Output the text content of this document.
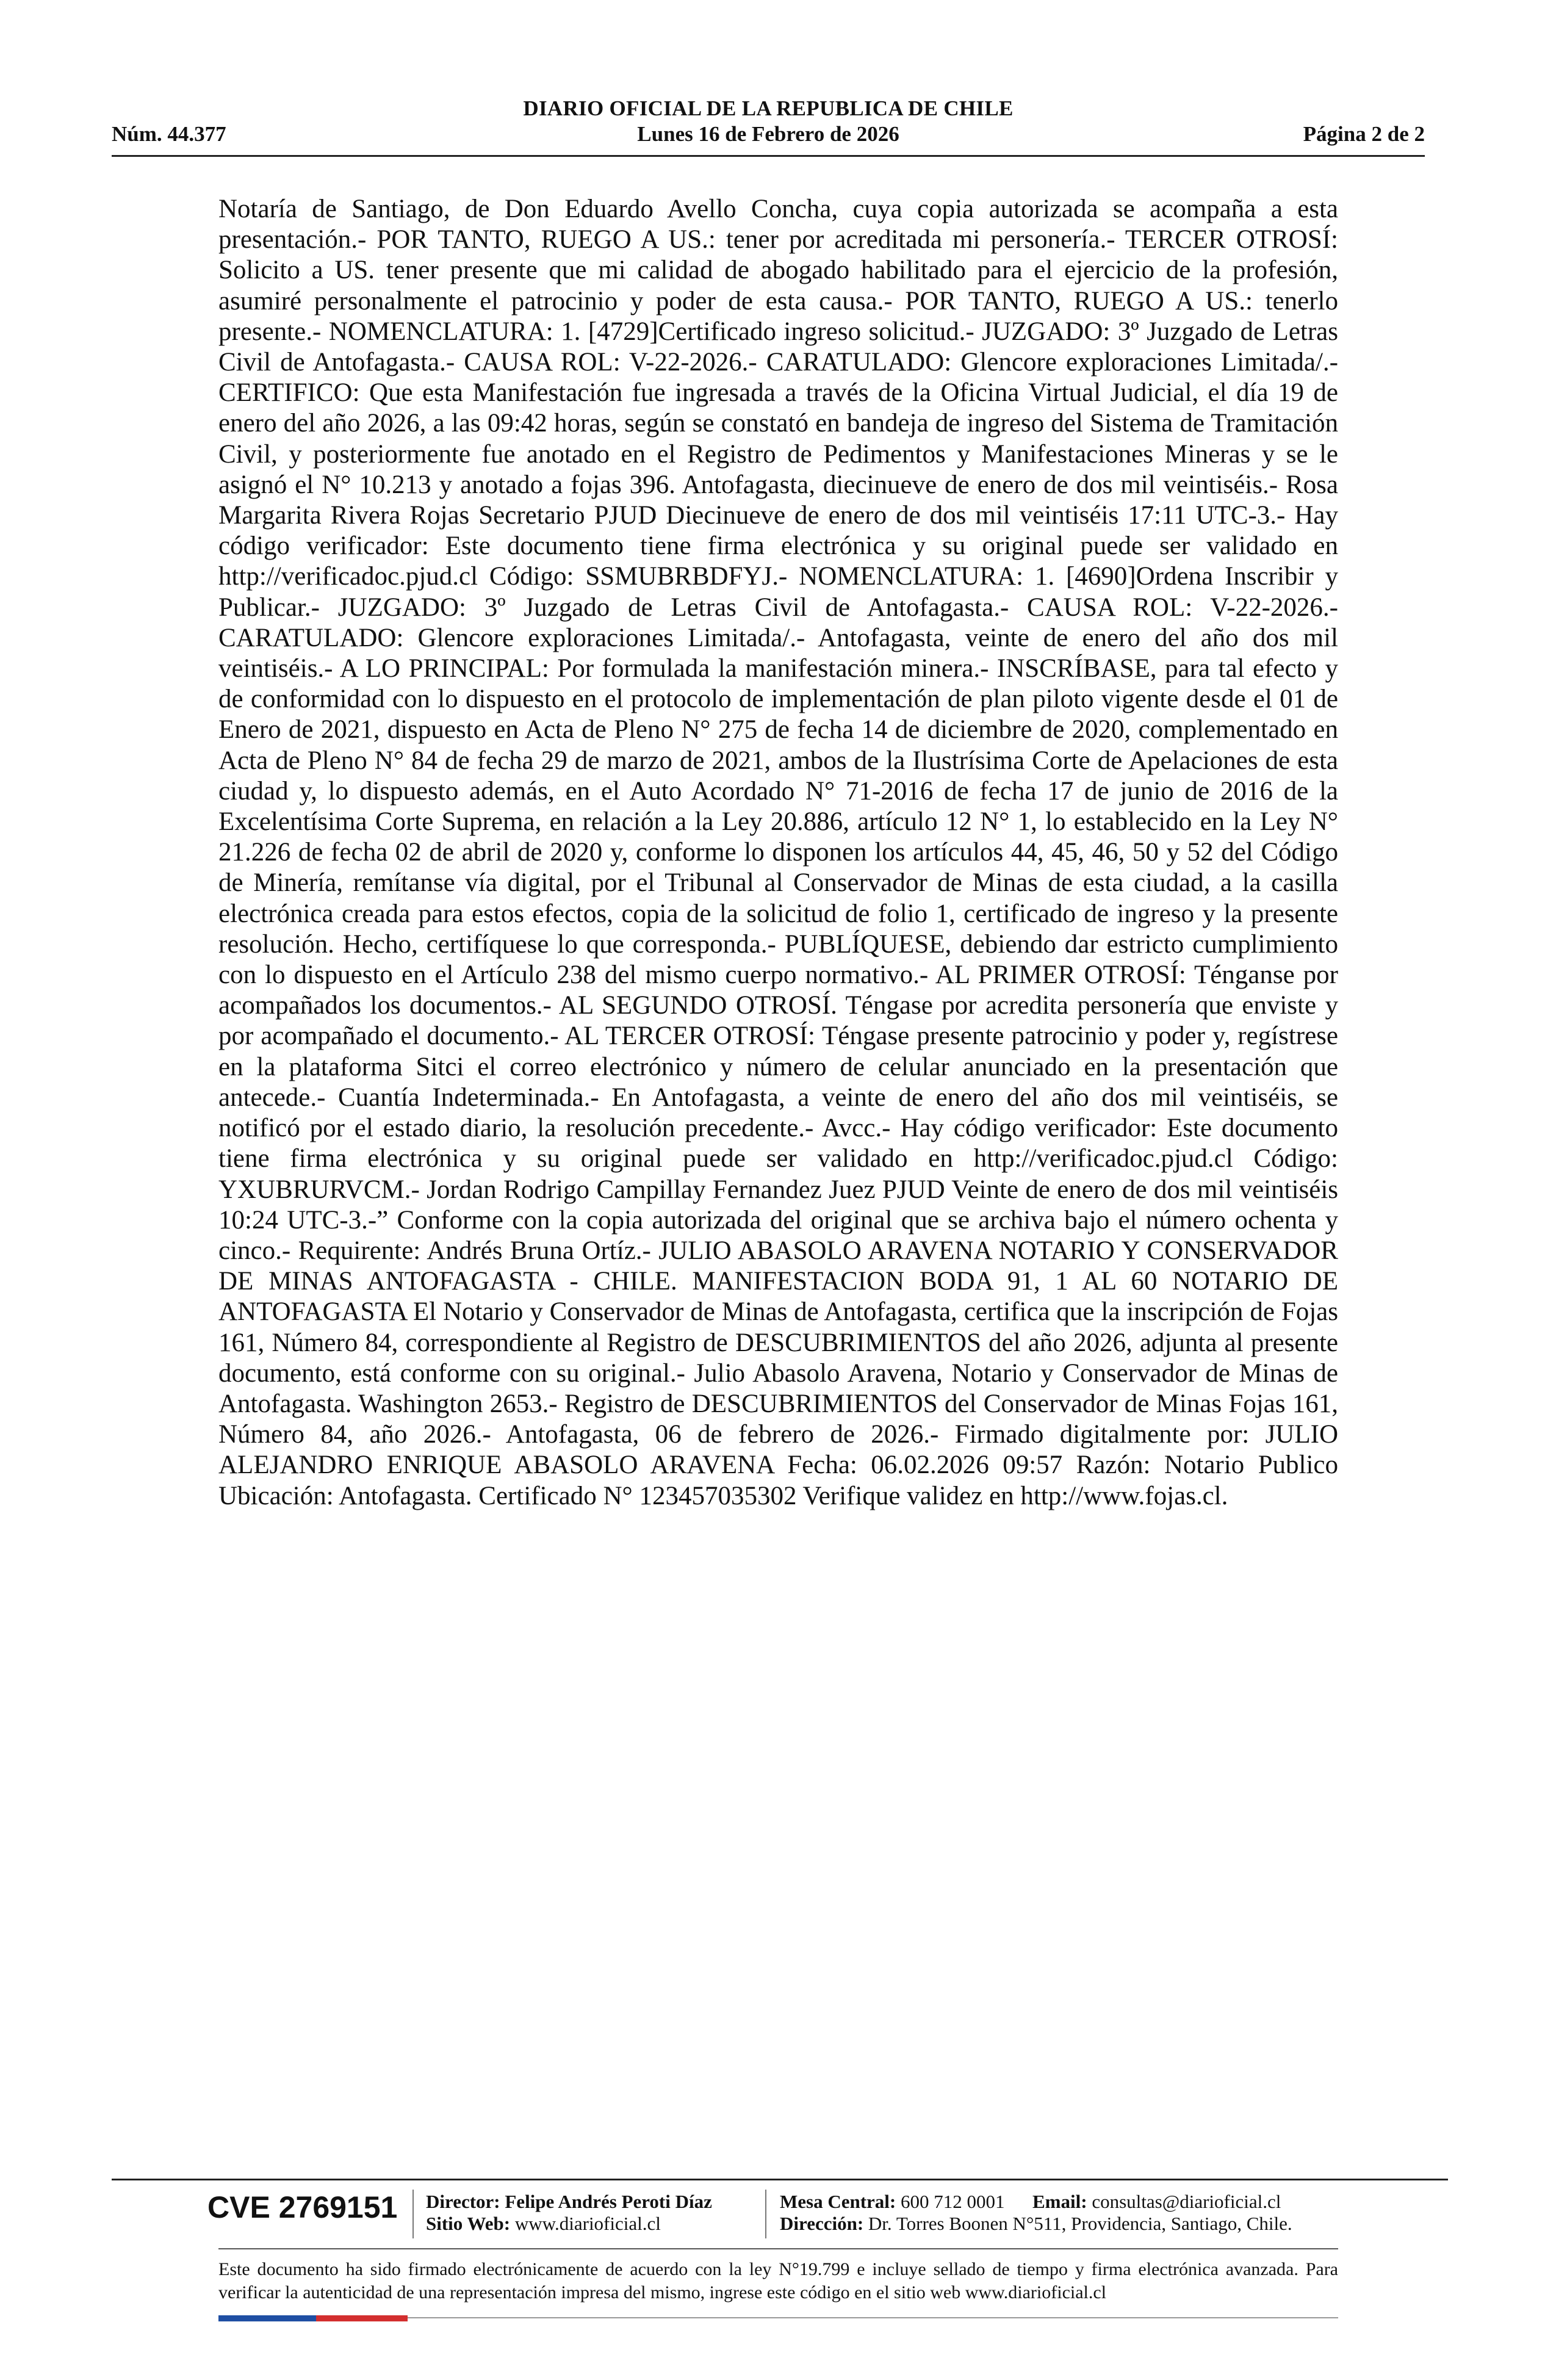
DIARIO OFICIAL DE LA REPUBLICA DE CHILE
Núm. 44.377	Lunes 16 de Febrero de 2026	Página 2 de 2
Notaría de Santiago, de Don Eduardo Avello Concha, cuya copia autorizada se acompaña a esta presentación.- POR TANTO, RUEGO A US.: tener por acreditada mi personería.- TERCER OTROSÍ: Solicito a US. tener presente que mi calidad de abogado habilitado para el ejercicio de la profesión, asumiré personalmente el patrocinio y poder de esta causa.- POR TANTO, RUEGO A US.: tenerlo presente.- NOMENCLATURA: 1. [4729]Certificado ingreso solicitud.- JUZGADO: 3º Juzgado de Letras Civil de Antofagasta.- CAUSA ROL: V-22-2026.- CARATULADO: Glencore exploraciones Limitada/.- CERTIFICO: Que esta Manifestación fue ingresada a través de la Oficina Virtual Judicial, el día 19 de enero del año 2026, a las 09:42 horas, según se constató en bandeja de ingreso del Sistema de Tramitación Civil, y posteriormente fue anotado en el Registro de Pedimentos y Manifestaciones Mineras y se le asignó el N° 10.213 y anotado a fojas 396. Antofagasta, diecinueve de enero de dos mil veintiséis.- Rosa Margarita Rivera Rojas Secretario PJUD Diecinueve de enero de dos mil veintiséis 17:11 UTC-3.- Hay código verificador: Este documento tiene firma electrónica y su original puede ser validado en http://verificadoc.pjud.cl Código: SSMUBRBDFYJ.- NOMENCLATURA: 1. [4690]Ordena Inscribir y Publicar.- JUZGADO: 3º Juzgado de Letras Civil de Antofagasta.- CAUSA ROL: V-22-2026.- CARATULADO: Glencore exploraciones Limitada/.- Antofagasta, veinte de enero del año dos mil veintiséis.- A LO PRINCIPAL: Por formulada la manifestación minera.- INSCRÍBASE, para tal efecto y de conformidad con lo dispuesto en el protocolo de implementación de plan piloto vigente desde el 01 de Enero de 2021, dispuesto en Acta de Pleno N° 275 de fecha 14 de diciembre de 2020, complementado en Acta de Pleno N° 84 de fecha 29 de marzo de 2021, ambos de la Ilustrísima Corte de Apelaciones de esta ciudad y, lo dispuesto además, en el Auto Acordado N° 71-2016 de fecha 17 de junio de 2016 de la Excelentísima Corte Suprema, en relación a la Ley 20.886, artículo 12 N° 1, lo establecido en la Ley N° 21.226 de fecha 02 de abril de 2020 y, conforme lo disponen los artículos 44, 45, 46, 50 y 52 del Código de Minería, remítanse vía digital, por el Tribunal al Conservador de Minas de esta ciudad, a la casilla electrónica creada para estos efectos, copia de la solicitud de folio 1, certificado de ingreso y la presente resolución. Hecho, certifíquese lo que corresponda.- PUBLÍQUESE, debiendo dar estricto cumplimiento con lo dispuesto en el Artículo 238 del mismo cuerpo normativo.- AL PRIMER OTROSÍ: Ténganse por acompañados los documentos.- AL SEGUNDO OTROSÍ. Téngase por acredita personería que enviste y por acompañado el documento.- AL TERCER OTROSÍ: Téngase presente patrocinio y poder y, regístrese en la plataforma Sitci el correo electrónico y número de celular anunciado en la presentación que antecede.- Cuantía Indeterminada.- En Antofagasta, a veinte de enero del año dos mil veintiséis, se notificó por el estado diario, la resolución precedente.- Avcc.- Hay código verificador: Este documento tiene firma electrónica y su original puede ser validado en http://verificadoc.pjud.cl Código: YXUBRURVCM.- Jordan Rodrigo Campillay Fernandez Juez PJUD Veinte de enero de dos mil veintiséis 10:24 UTC-3.-” Conforme con la copia autorizada del original que se archiva bajo el número ochenta y cinco.- Requirente: Andrés Bruna Ortíz.- JULIO ABASOLO ARAVENA NOTARIO Y CONSERVADOR DE MINAS ANTOFAGASTA - CHILE. MANIFESTACION BODA 91, 1 AL 60 NOTARIO DE ANTOFAGASTA El Notario y Conservador de Minas de Antofagasta, certifica que la inscripción de Fojas 161, Número 84, correspondiente al Registro de DESCUBRIMIENTOS del año 2026, adjunta al presente documento, está conforme con su original.- Julio Abasolo Aravena, Notario y Conservador de Minas de Antofagasta. Washington 2653.- Registro de DESCUBRIMIENTOS del Conservador de Minas Fojas 161, Número 84, año 2026.- Antofagasta, 06 de febrero de 2026.- Firmado digitalmente por: JULIO ALEJANDRO ENRIQUE ABASOLO ARAVENA Fecha: 06.02.2026 09:57 Razón: Notario Publico Ubicación: Antofagasta. Certificado N° 123457035302 Verifique validez en http://www.fojas.cl.
CVE 2769151 Director: Felipe Andrés Peroti Díaz
Sitio Web: www.diarioficial.cl
Mesa Central: 600 712 0001 Email: consultas@diarioficial.cl
Dirección: Dr. Torres Boonen N°511, Providencia, Santiago, Chile.
Este documento ha sido firmado electrónicamente de acuerdo con la ley N°19.799 e incluye sellado de tiempo y firma electrónica avanzada. Para verificar la autenticidad de una representación impresa del mismo, ingrese este código en el sitio web www.diarioficial.cl
